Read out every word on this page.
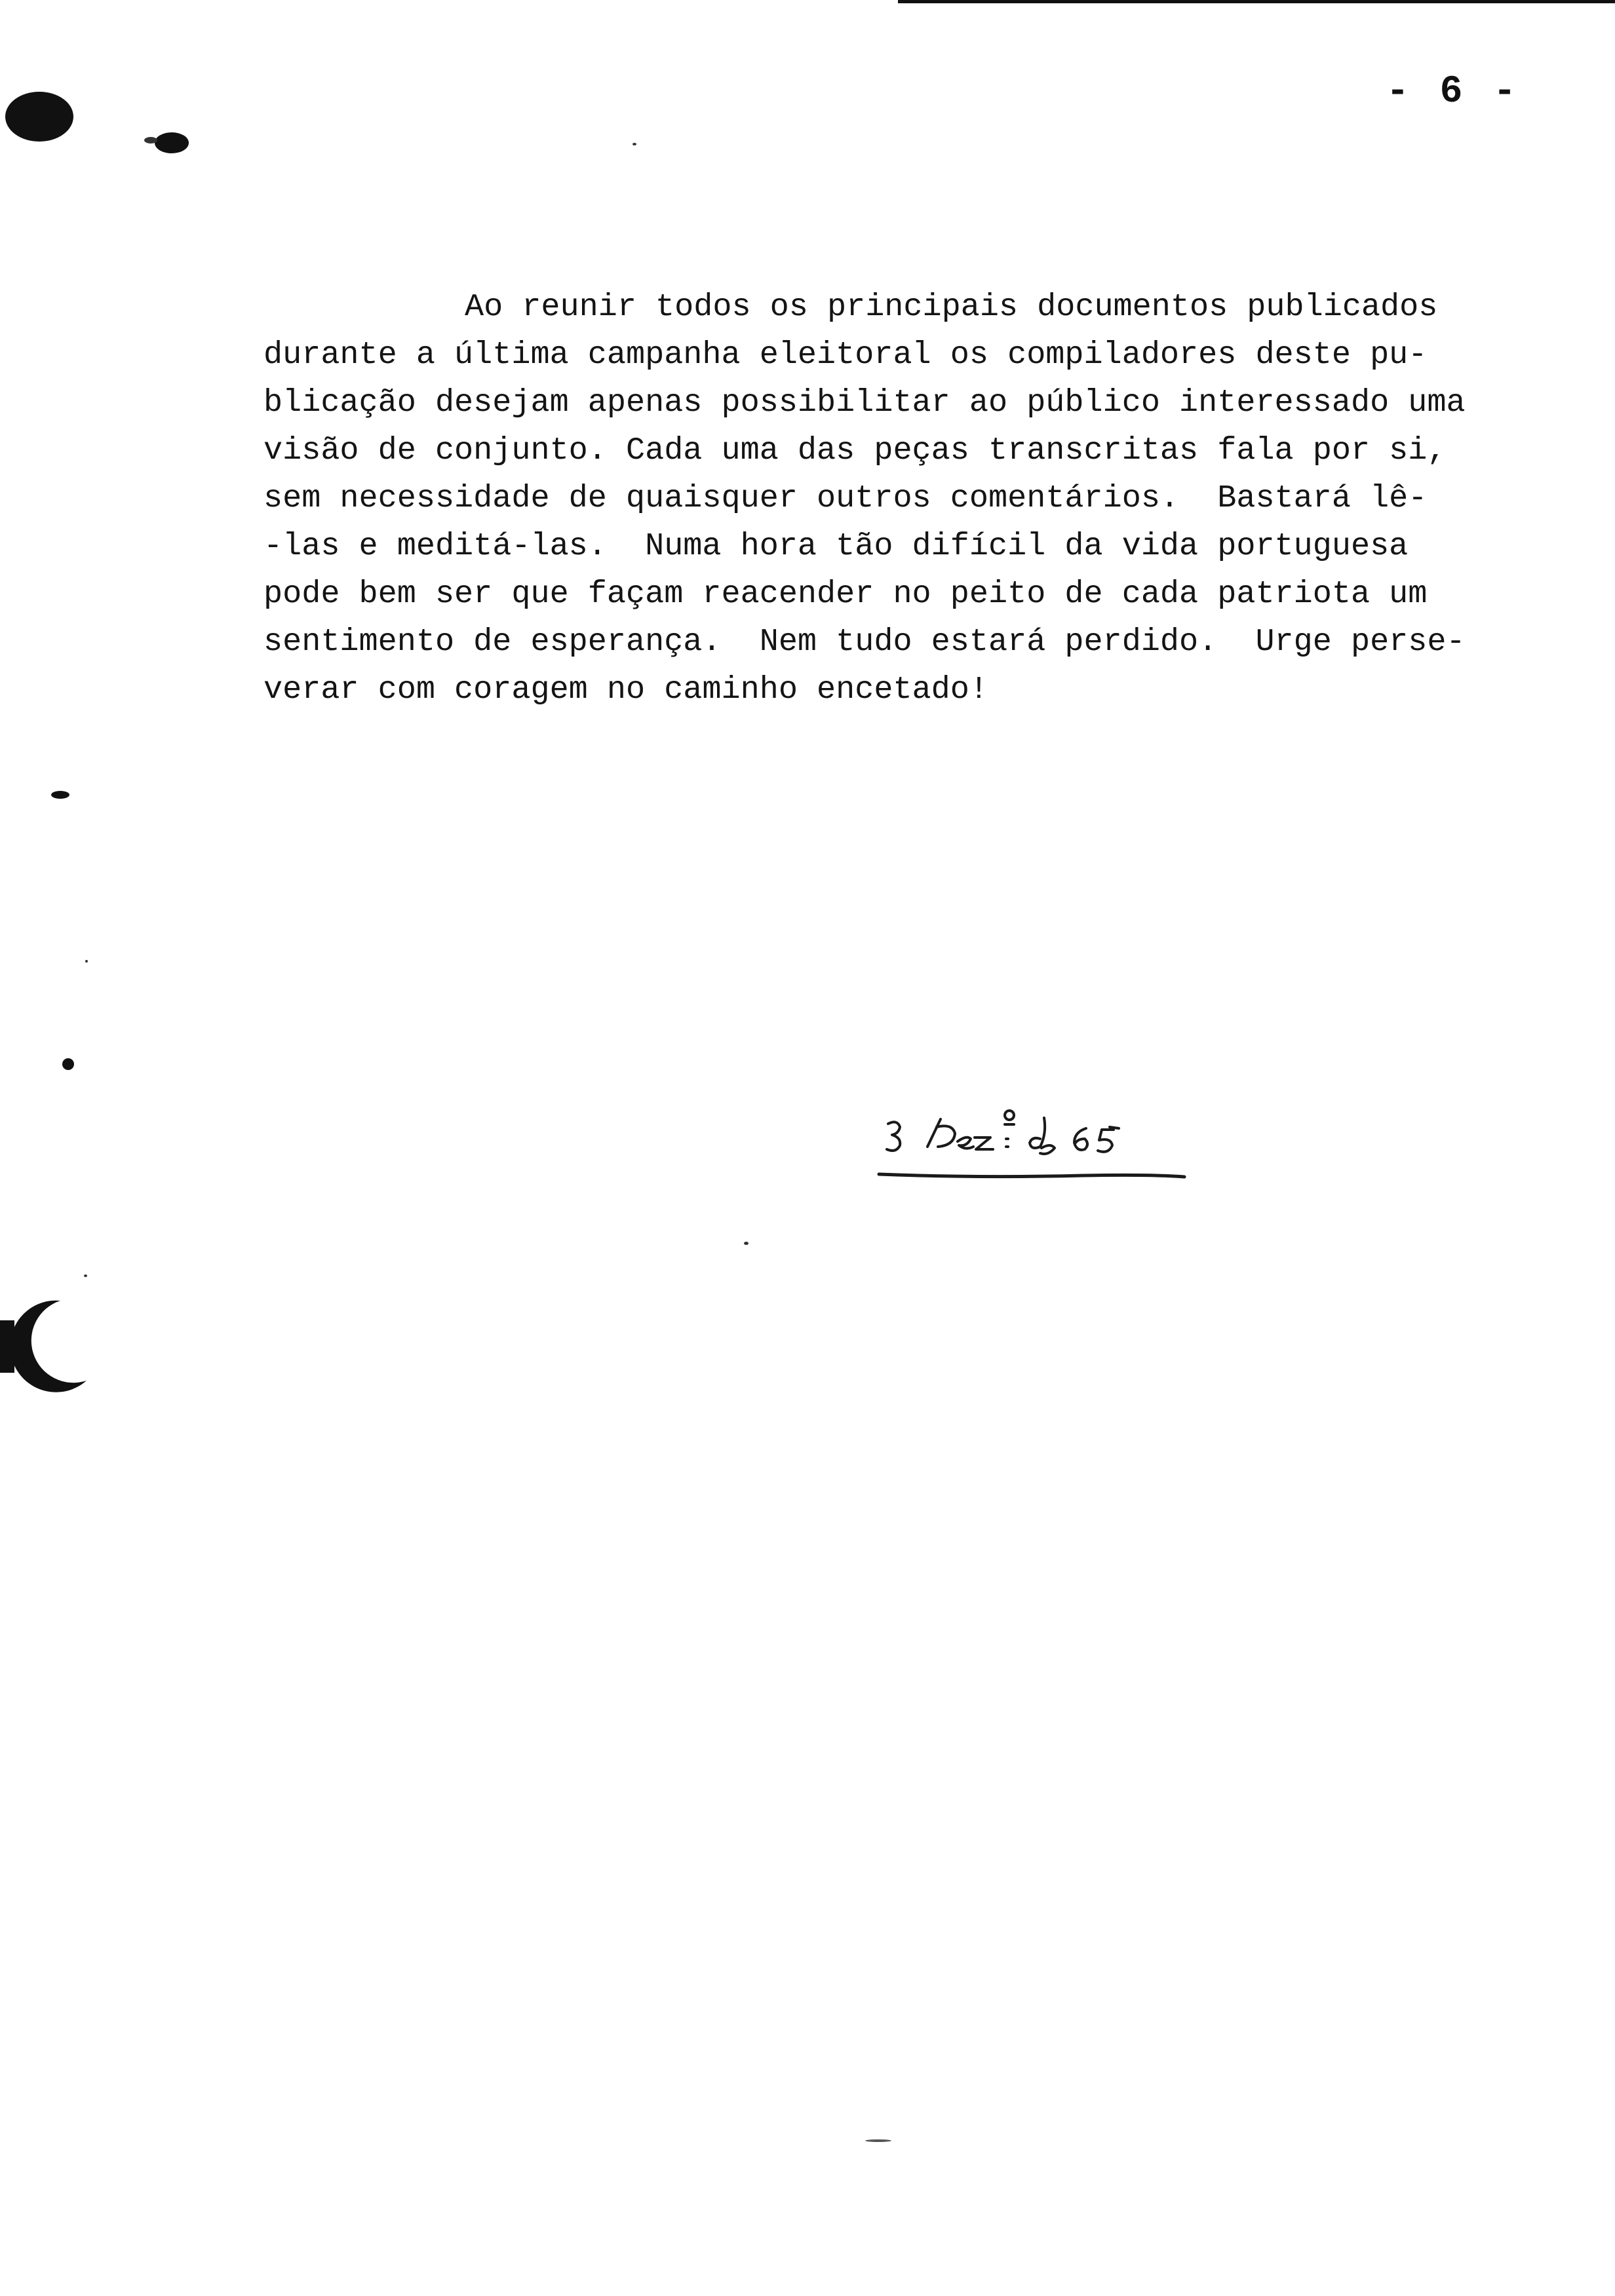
- 6 -
Ao reunir todos os principais documentos publicados
durante a última campanha eleitoral os compiladores deste pu-
blicação desejam apenas possibilitar ao público interessado uma
visão de conjunto. Cada uma das peças transcritas fala por si,
sem necessidade de quaisquer outros comentários.  Bastará lê-
-las e meditá-las.  Numa hora tão difícil da vida portuguesa
pode bem ser que façam reacender no peito de cada patriota um
sentimento de esperança.  Nem tudo estará perdido.  Urge perse-
verar com coragem no caminho encetado!
